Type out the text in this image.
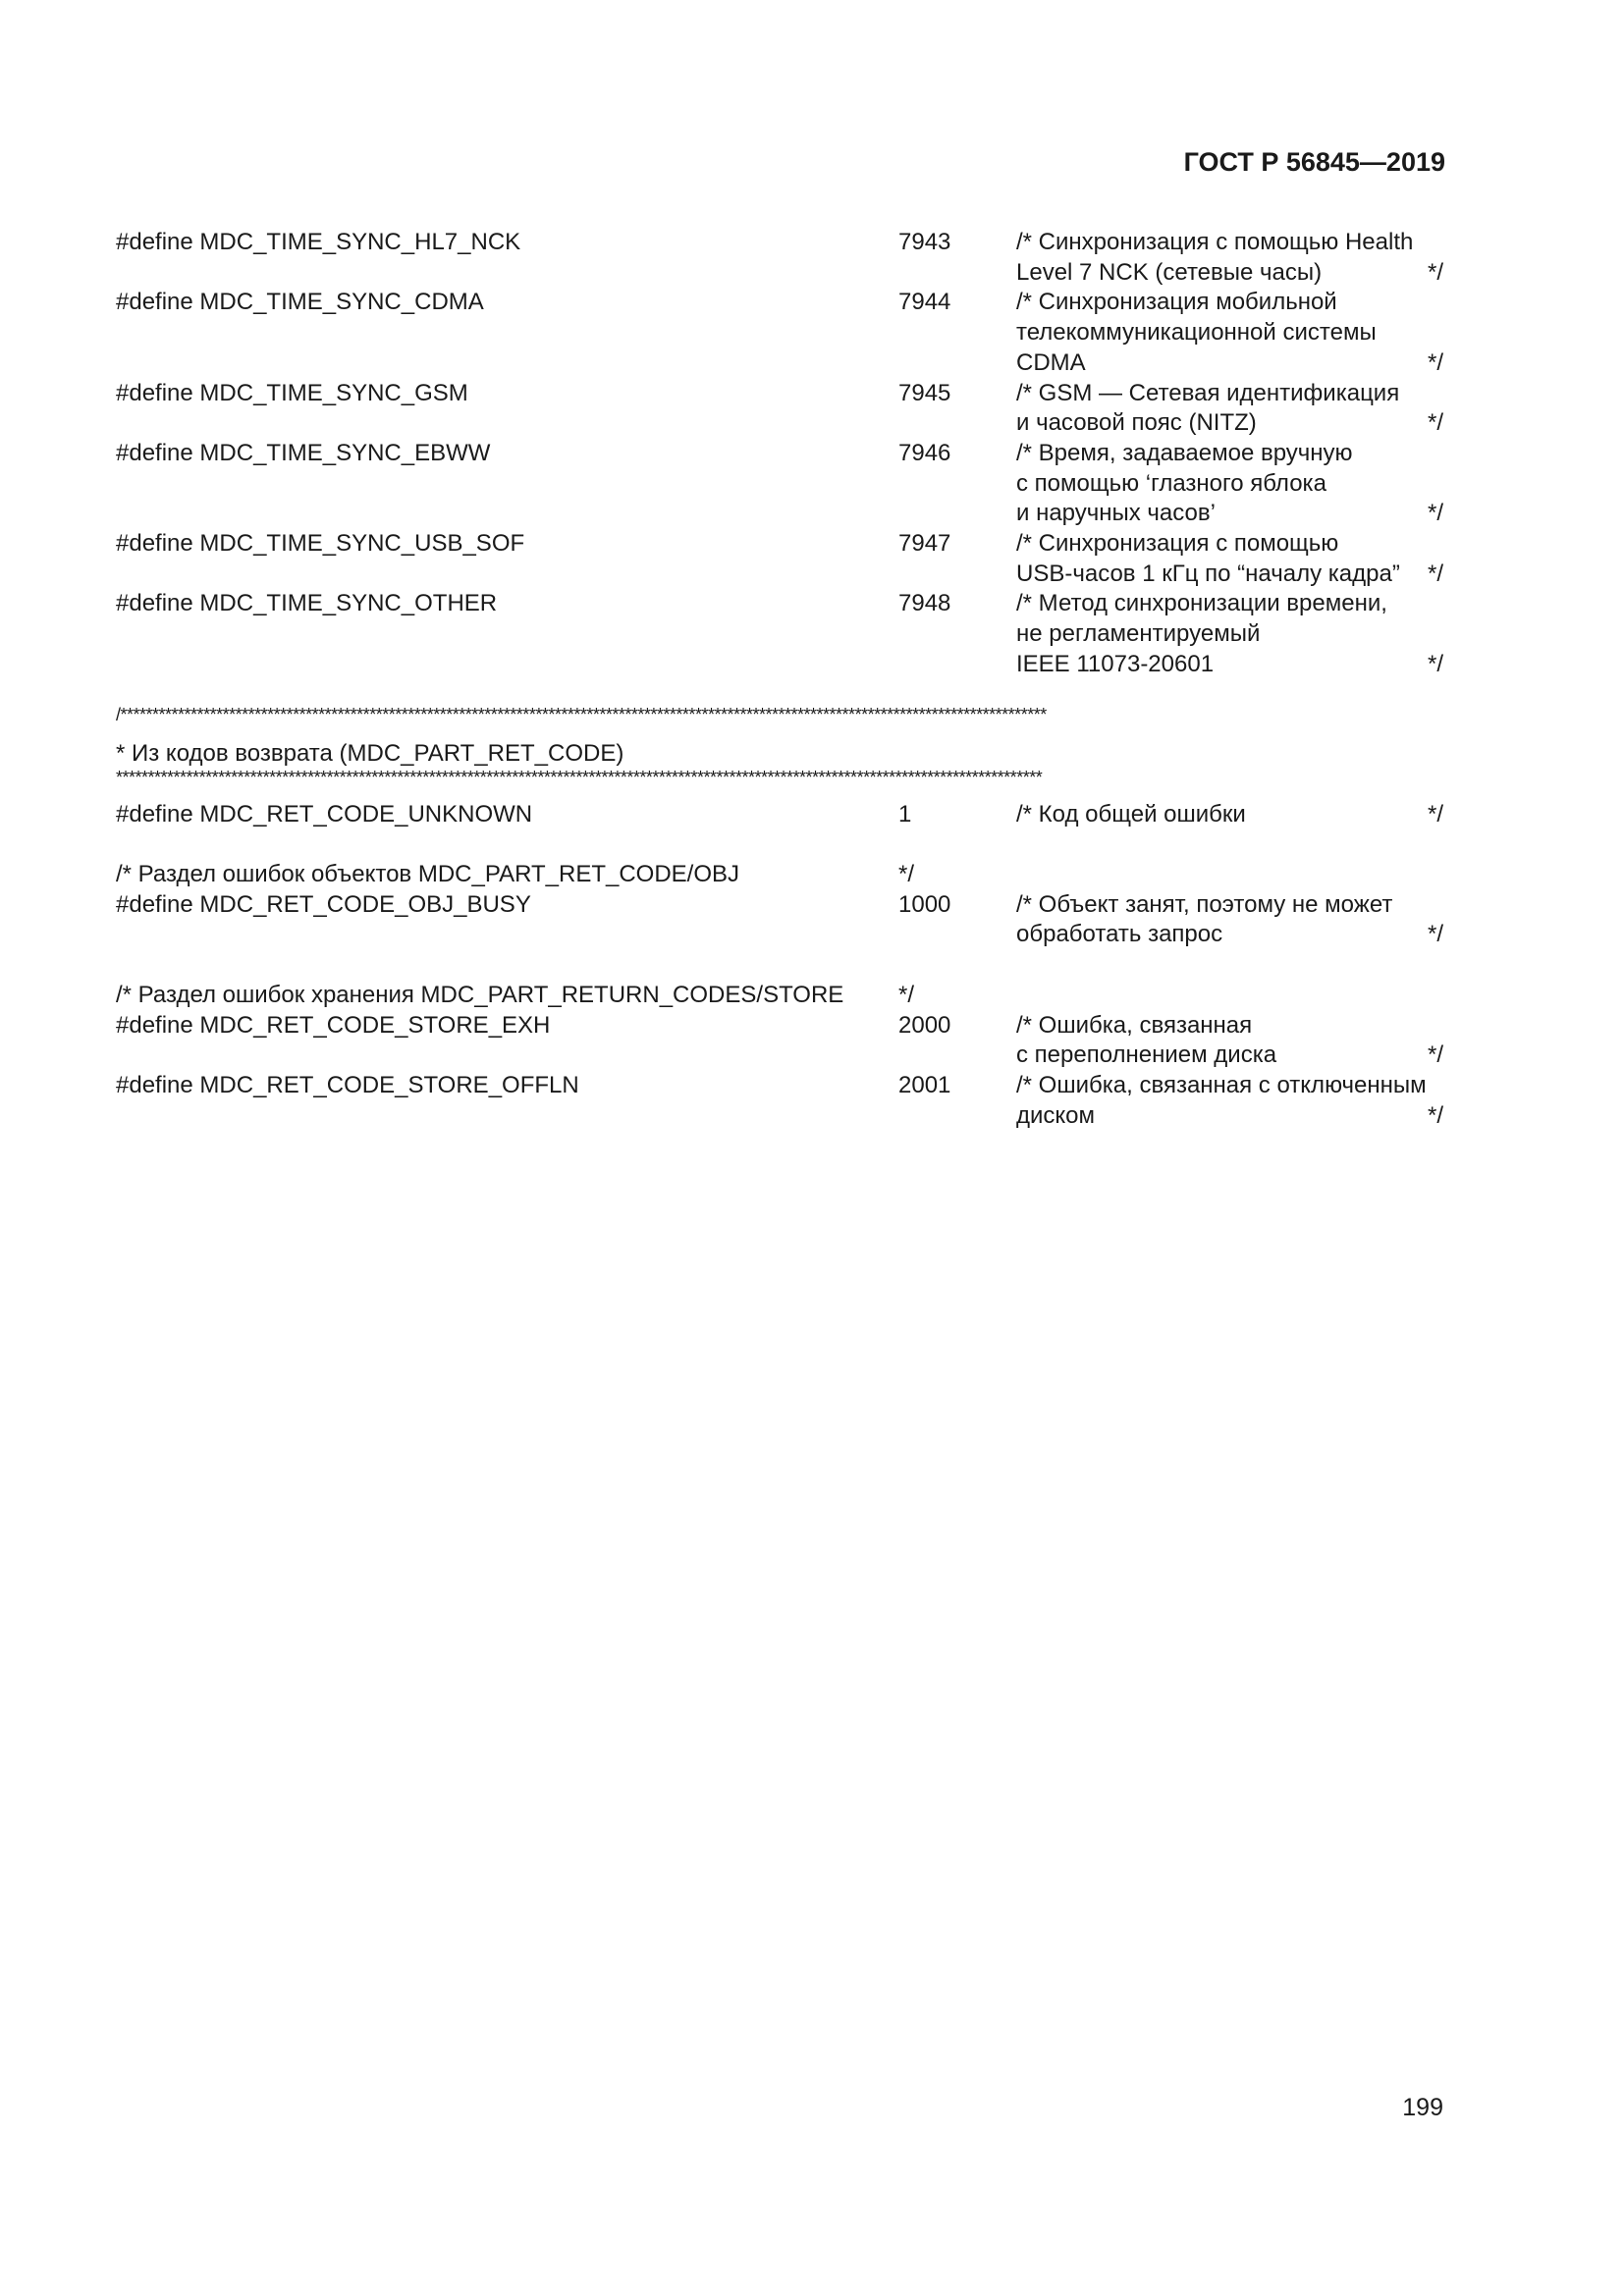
ГОСТ Р 56845—2019
/*************************************************************************************************************************************************
* Из кодов возврата (MDC_PART_RET_CODE)
*************************************************************************************************************************************************
199
#define MDC_TIME_SYNC_HL7_NCK	7943	/* Синхронизация с помощью Health
Level 7 NCK (сетевые часы)	*/
#define MDC_TIME_SYNC_CDMA	7944	/* Синхронизация мобильной
телекоммуникационной системы
CDMA	*/
#define MDC_TIME_SYNC_GSM	7945	/* GSM — Сетевая идентификация
и часовой пояс (NITZ)	*/
#define MDC_TIME_SYNC_EBWW	7946	/* Время, задаваемое вручную
с помощью ‘глазного яблока
и наручных часов’	*/
#define MDC_TIME_SYNC_USB_SOF	7947	/* Синхронизация с помощью
USB-часов 1 кГц по “началу кадра” */
#define MDC_TIME_SYNC_OTHER	7948	/* Метод синхронизации времени,
не регламентируемый
IEEE 11073-20601	*/
#define MDC_RET_CODE_UNKNOWN	1	/* Код общей ошибки	*/
/* Раздел ошибок объектов MDC_PART_RET_CODE/OBJ	*/
#define MDC_RET_CODE_OBJ_BUSY	1000	/* Объект занят, поэтому не может
обработать запрос	*/
/* Раздел ошибок хранения MDC_PART_RETURN_CODES/STORE */
#define MDC_RET_CODE_STORE_EXH	2000	/* Ошибка, связанная
с переполнением диска	*/
#define MDC_RET_CODE_STORE_OFFLN	2001	/* Ошибка, связанная с отключенным
диском	*/
